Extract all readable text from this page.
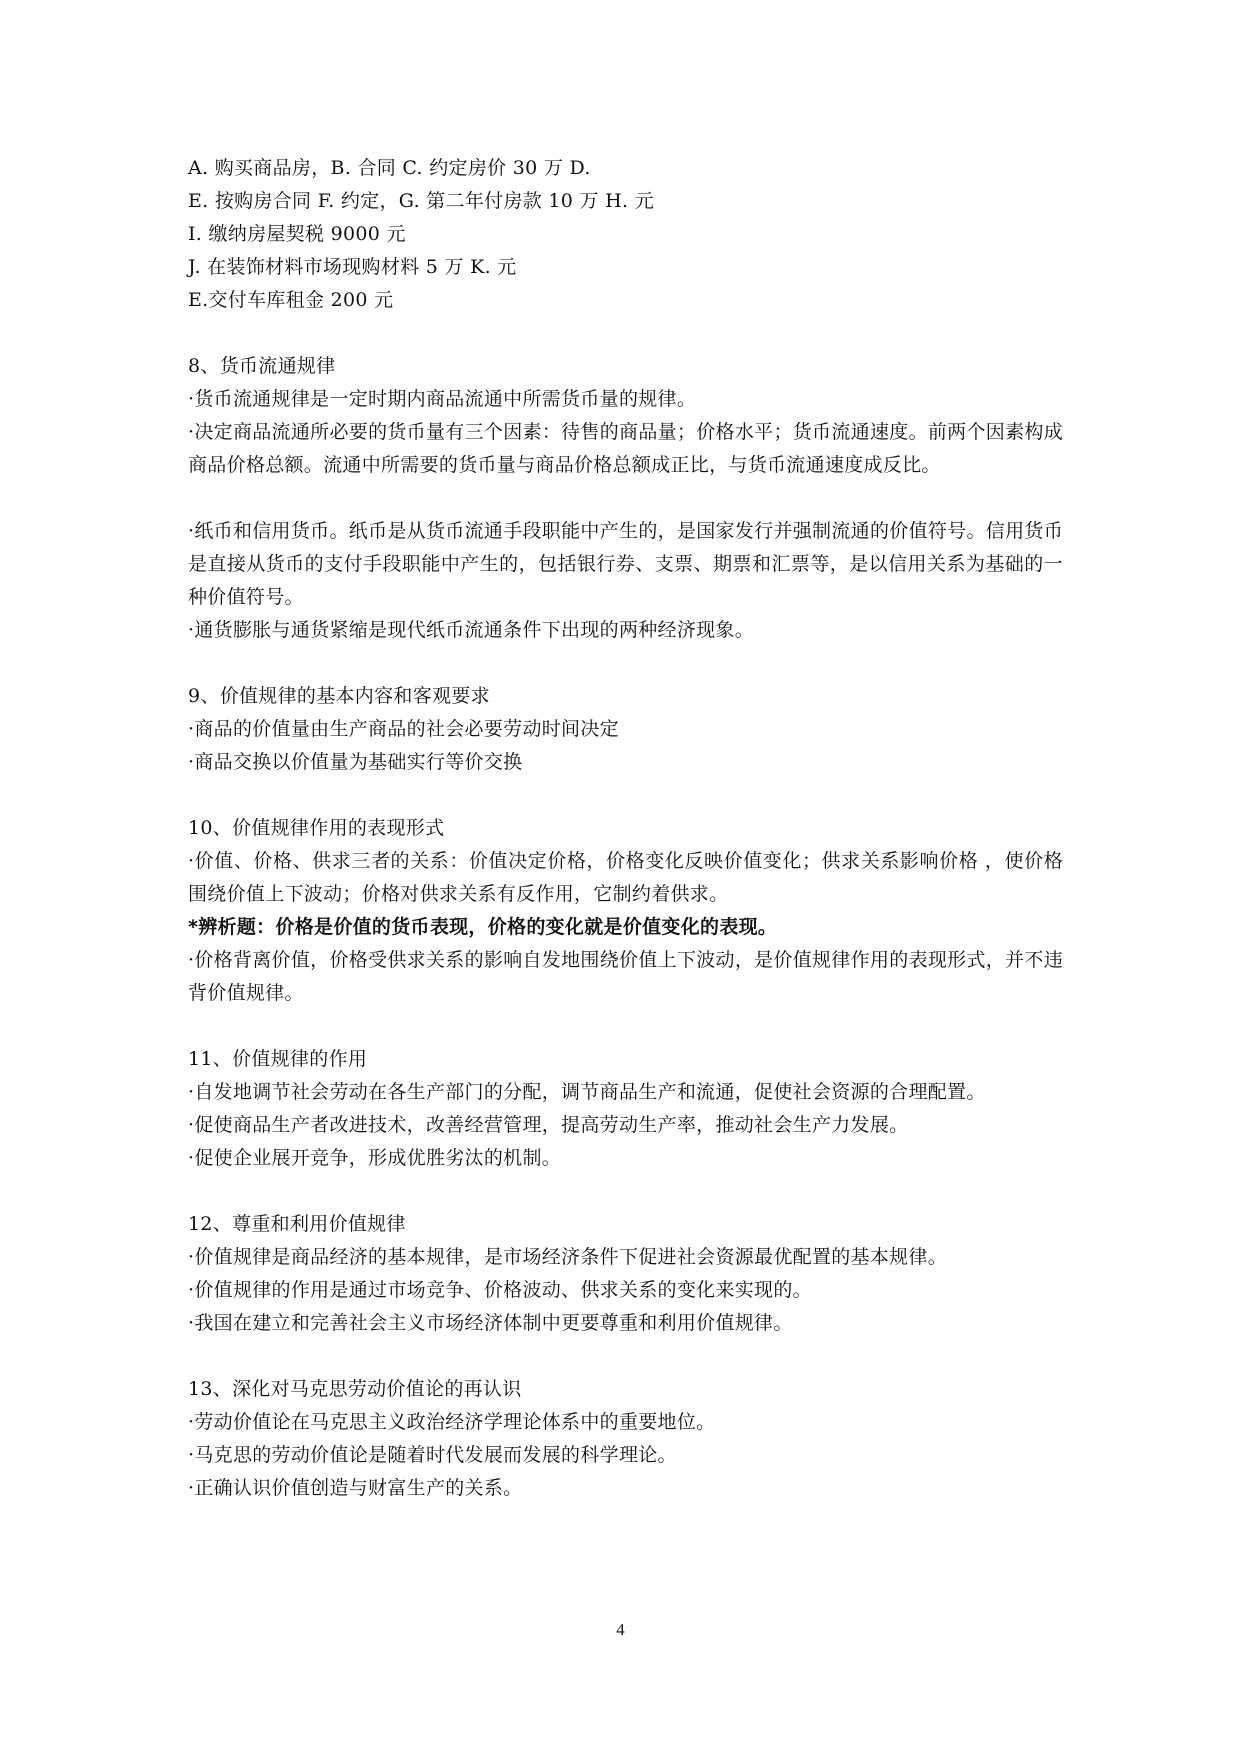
A. 购买商品房，B. 合同 C. 约定房价 30 万 D.
E. 按购房合同 F. 约定，G. 第二年付房款 10 万 H. 元
I. 缴纳房屋契税 9000 元
J. 在装饰材料市场现购材料 5 万 K. 元
E.交付车库租金 200 元
8、货币流通规律
·货币流通规律是一定时期内商品流通中所需货币量的规律。
·决定商品流通所必要的货币量有三个因素：待售的商品量；价格水平；货币流通速度。前两个因素构成商品价格总额。流通中所需要的货币量与商品价格总额成正比，与货币流通速度成反比。
·纸币和信用货币。纸币是从货币流通手段职能中产生的，是国家发行并强制流通的价值符号。信用货币是直接从货币的支付手段职能中产生的，包括银行券、支票、期票和汇票等，是以信用关系为基础的一种价值符号。
·通货膨胀与通货紧缩是现代纸币流通条件下出现的两种经济现象。
9、价值规律的基本内容和客观要求
·商品的价值量由生产商品的社会必要劳动时间决定
·商品交换以价值量为基础实行等价交换
10、价值规律作用的表现形式
·价值、价格、供求三者的关系：价值决定价格，价格变化反映价值变化；供求关系影响价格 ，使价格围绕价值上下波动；价格对供求关系有反作用，它制约着供求。
*辨析题：价格是价值的货币表现，价格的变化就是价值变化的表现。
·价格背离价值，价格受供求关系的影响自发地围绕价值上下波动，是价值规律作用的表现形式，并不违背价值规律。
11、价值规律的作用
·自发地调节社会劳动在各生产部门的分配，调节商品生产和流通，促使社会资源的合理配置。
·促使商品生产者改进技术，改善经营管理，提高劳动生产率，推动社会生产力发展。
·促使企业展开竞争，形成优胜劣汰的机制。
12、尊重和利用价值规律
·价值规律是商品经济的基本规律，是市场经济条件下促进社会资源最优配置的基本规律。
·价值规律的作用是通过市场竞争、价格波动、供求关系的变化来实现的。
·我国在建立和完善社会主义市场经济体制中更要尊重和利用价值规律。
13、深化对马克思劳动价值论的再认识
·劳动价值论在马克思主义政治经济学理论体系中的重要地位。
·马克思的劳动价值论是随着时代发展而发展的科学理论。
·正确认识价值创造与财富生产的关系。
4
